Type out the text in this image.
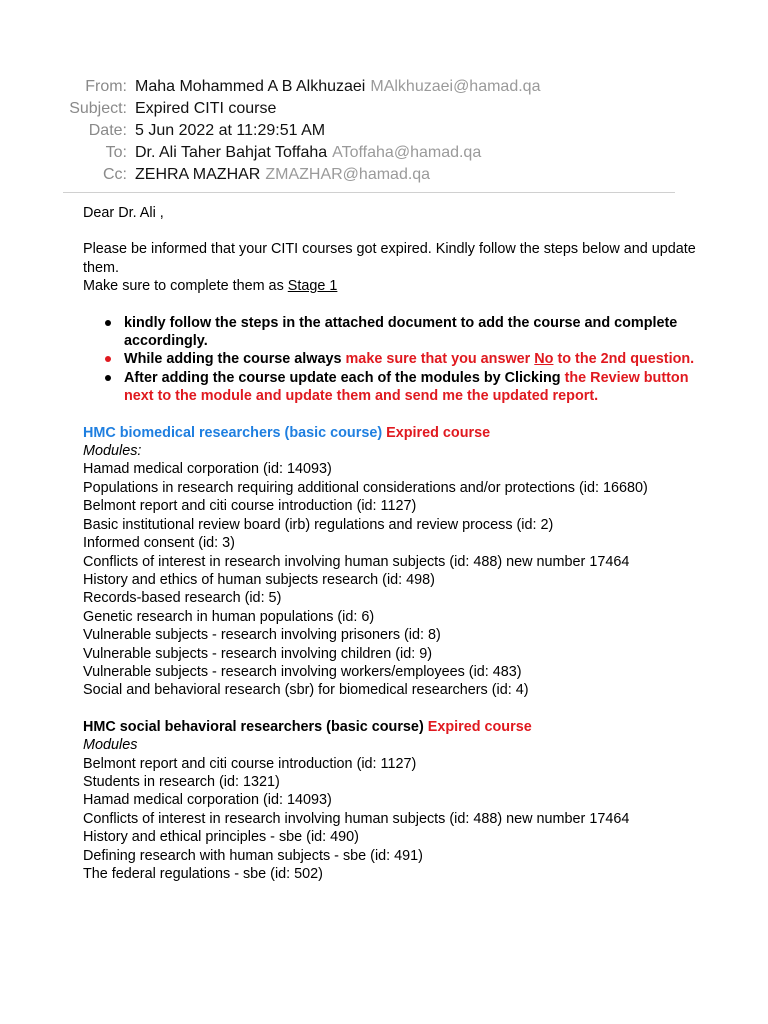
From: Maha Mohammed A B Alkhuzaei MAlkhuzaei@hamad.qa
Subject: Expired CITI course
Date: 5 Jun 2022 at 11:29:51 AM
To: Dr. Ali Taher Bahjat Toffaha AToffaha@hamad.qa
Cc: ZEHRA MAZHAR ZMAZHAR@hamad.qa

Dear Dr. Ali ,

Please be informed that your CITI courses got expired. Kindly follow the steps below and update them.

Make sure to complete them as Stage 1

kindly follow the steps in the attached document to add the course and complete accordingly.
While adding the course always make sure that you answer No to the 2nd question.
After adding the course update each of the modules by Clicking the Review button next to the module and update them and send me the updated report.

HMC biomedical researchers (basic course) Expired course

Modules:

Hamad medical corporation (id: 14093)

Populations in research requiring additional considerations and/or protections (id: 16680)

Belmont report and citi course introduction (id: 1127)

Basic institutional review board (irb) regulations and review process (id: 2)

Informed consent (id: 3)

Conflicts of interest in research involving human subjects (id: 488) new number 17464

History and ethics of human subjects research (id: 498)

Records-based research (id: 5)

Genetic research in human populations (id: 6)

Vulnerable subjects - research involving prisoners (id: 8)

Vulnerable subjects - research involving children (id: 9)

Vulnerable subjects - research involving workers/employees (id: 483)

Social and behavioral research (sbr) for biomedical researchers (id: 4)

HMC social behavioral researchers (basic course) Expired course

Modules

Belmont report and citi course introduction (id: 1127)

Students in research (id: 1321)

Hamad medical corporation (id: 14093)

Conflicts of interest in research involving human subjects (id: 488) new number 17464

History and ethical principles - sbe (id: 490)

Defining research with human subjects - sbe (id: 491)

The federal regulations - sbe (id: 502)
